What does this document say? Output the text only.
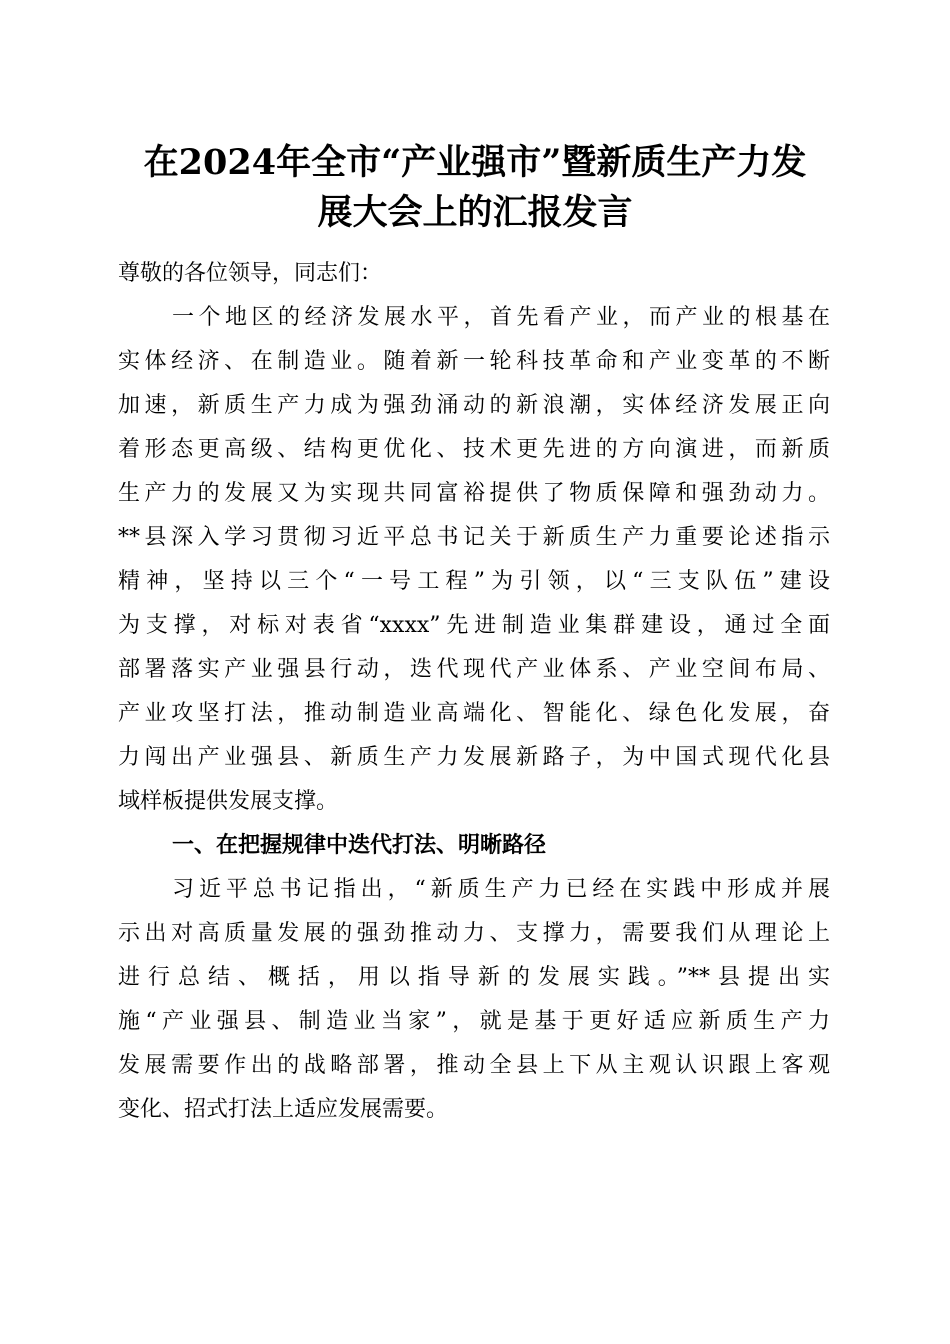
在2024年全市“产业强市”暨新质生产力发
展大会上的汇报发言
尊敬的各位领导，同志们：
一个地区的经济发展水平，首先看产业，而产业的根基在
实体经济、在制造业。随着新一轮科技革命和产业变革的不断
加速，新质生产力成为强劲涌动的新浪潮，实体经济发展正向
着形态更高级、结构更优化、技术更先进的方向演进，而新质
生产力的发展又为实现共同富裕提供了物质保障和强劲动力。
**县深入学习贯彻习近平总书记关于新质生产力重要论述指示
精神，坚持以三个“一号工程”为引领，以“三支队伍”建设
为支撑，对标对表省“xxxx”先进制造业集群建设，通过全面
部署落实产业强县行动，迭代现代产业体系、产业空间布局、
产业攻坚打法，推动制造业高端化、智能化、绿色化发展，奋
力闯出产业强县、新质生产力发展新路子，为中国式现代化县
域样板提供发展支撑。
一、在把握规律中迭代打法、明晰路径
习近平总书记指出，“新质生产力已经在实践中形成并展
示出对高质量发展的强劲推动力、支撑力，需要我们从理论上
进行总结、概括，用以指导新的发展实践。”**县提出实
施“产业强县、制造业当家”，就是基于更好适应新质生产力
发展需要作出的战略部署，推动全县上下从主观认识跟上客观
变化、招式打法上适应发展需要。
